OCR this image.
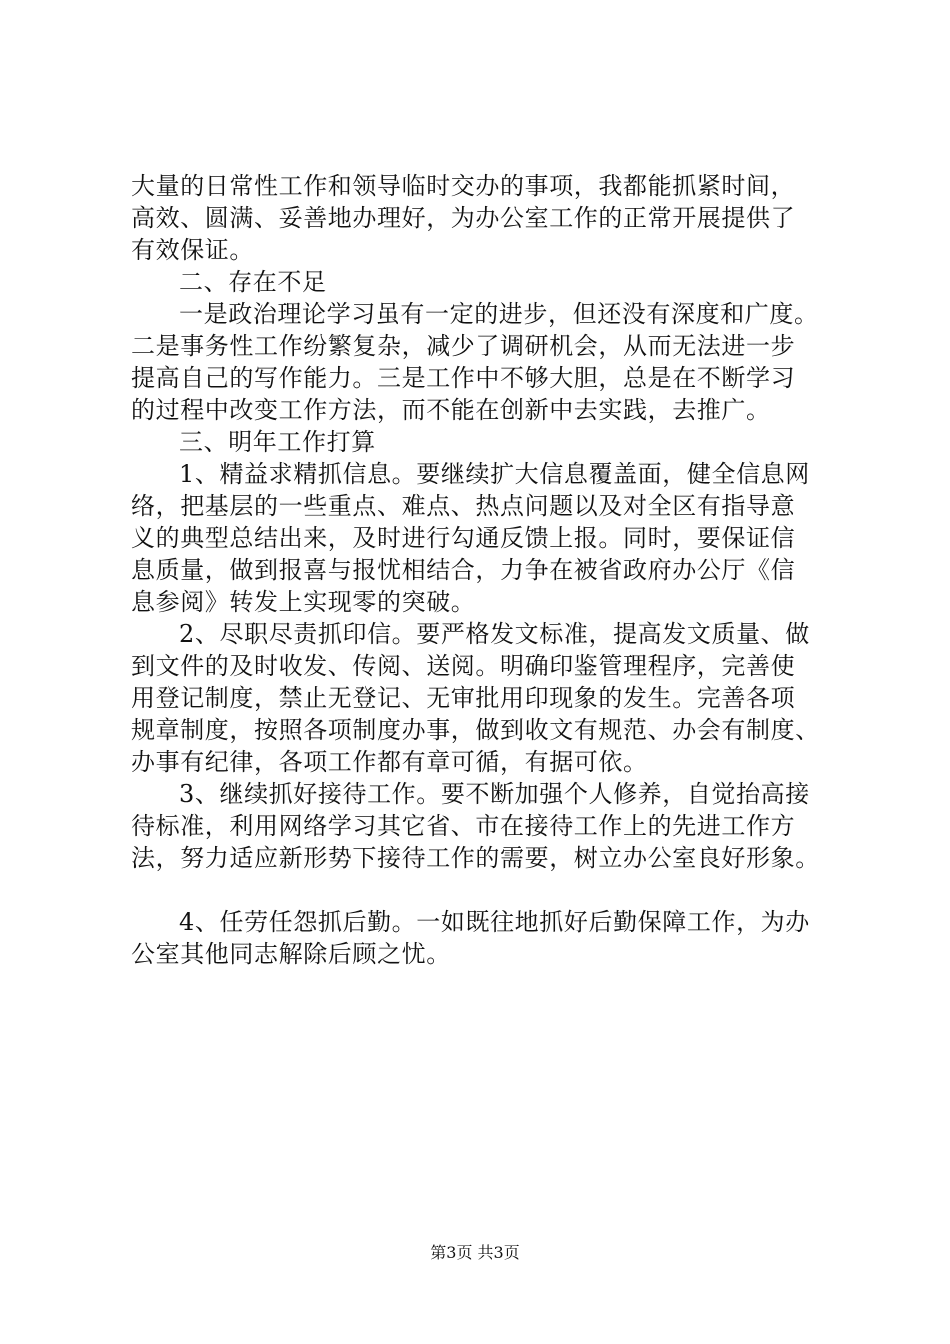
大量的日常性工作和领导临时交办的事项，我都能抓紧时间，
高效、圆满、妥善地办理好，为办公室工作的正常开展提供了
有效保证。
二、存在不足
一是政治理论学习虽有一定的进步，但还没有深度和广度。
二是事务性工作纷繁复杂，减少了调研机会，从而无法进一步
提高自己的写作能力。三是工作中不够大胆，总是在不断学习
的过程中改变工作方法，而不能在创新中去实践，去推广。
三、明年工作打算
1、精益求精抓信息。要继续扩大信息覆盖面，健全信息网
络，把基层的一些重点、难点、热点问题以及对全区有指导意
义的典型总结出来，及时进行勾通反馈上报。同时，要保证信
息质量，做到报喜与报忧相结合，力争在被省政府办公厅《信
息参阅》转发上实现零的突破。
2、尽职尽责抓印信。要严格发文标准，提高发文质量、做
到文件的及时收发、传阅、送阅。明确印鉴管理程序，完善使
用登记制度，禁止无登记、无审批用印现象的发生。完善各项
规章制度，按照各项制度办事，做到收文有规范、办会有制度、
办事有纪律，各项工作都有章可循，有据可依。
3、继续抓好接待工作。要不断加强个人修养，自觉抬高接
待标准，利用网络学习其它省、市在接待工作上的先进工作方
法，努力适应新形势下接待工作的需要，树立办公室良好形象。
4、任劳任怨抓后勤。一如既往地抓好后勤保障工作，为办
公室其他同志解除后顾之忧。
第3页 共3页
